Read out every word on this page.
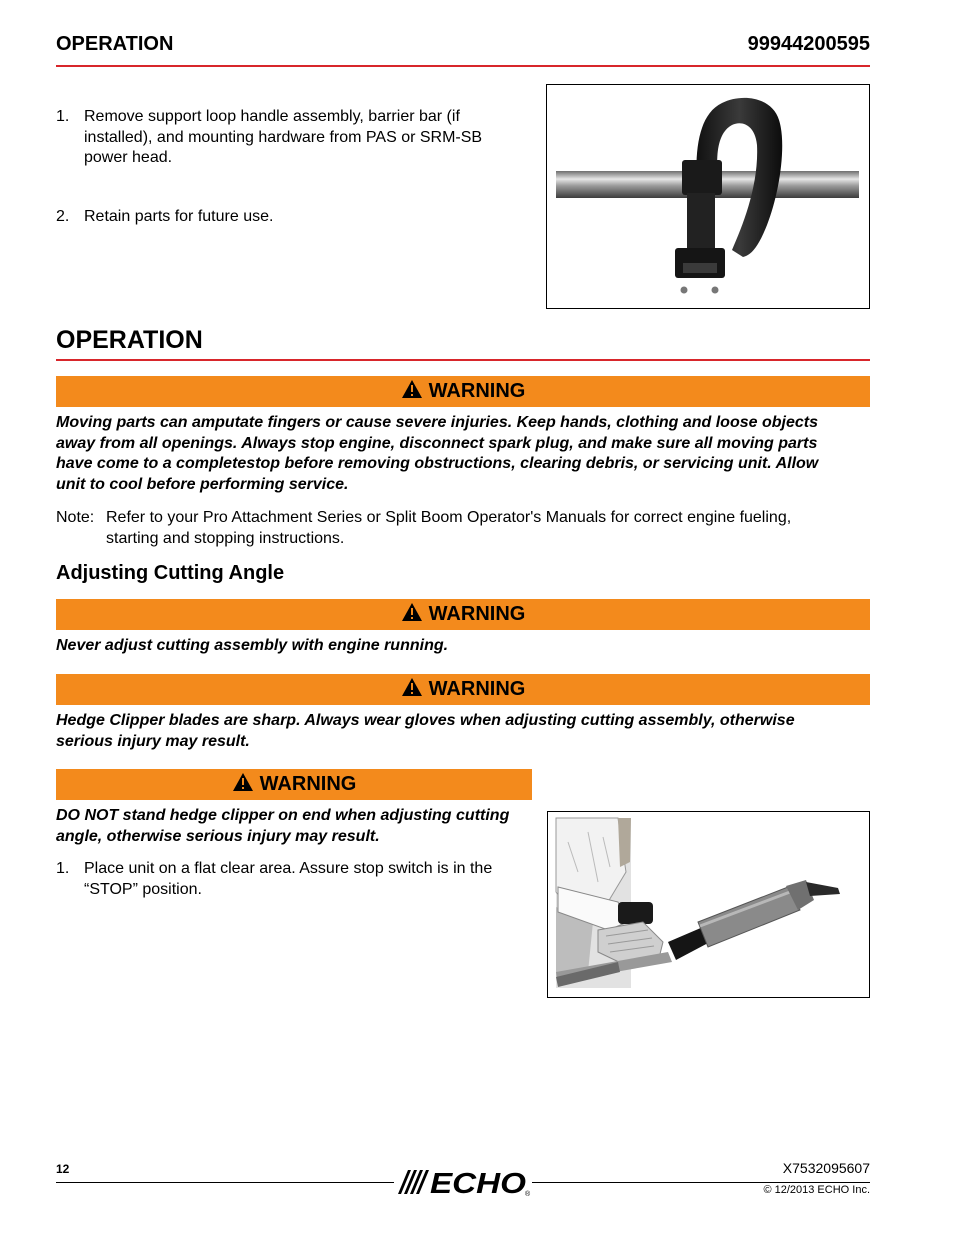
OPERATION	99944200595
1. Remove support loop handle assembly, barrier bar (if
installed), and mounting hardware from PAS or SRM-SB
power head.
2. Retain parts for future use.
OPERATION
WARNING
Moving parts can amputate fingers or cause severe injuries. Keep hands, clothing and loose objects
away from all openings. Always stop engine, disconnect spark plug, and make sure all moving parts
have come to a completestop before removing obstructions, clearing debris, or servicing unit. Allow
unit to cool before performing service.
Note: Refer to your Pro Attachment Series or Split Boom Operator's Manuals for correct engine fueling,
starting and stopping instructions.
Adjusting Cutting Angle
WARNING
Never adjust cutting assembly with engine running.
WARNING
Hedge Clipper blades are sharp. Always wear gloves when adjusting cutting assembly, otherwise
serious injury may result.
WARNING
DO NOT stand hedge clipper on end when adjusting cutting
angle, otherwise serious injury may result.
1. Place unit on a flat clear area. Assure stop switch is in the
“STOP” position.
12	ECHO
®
X7532095607
© 12/2013 ECHO Inc.
